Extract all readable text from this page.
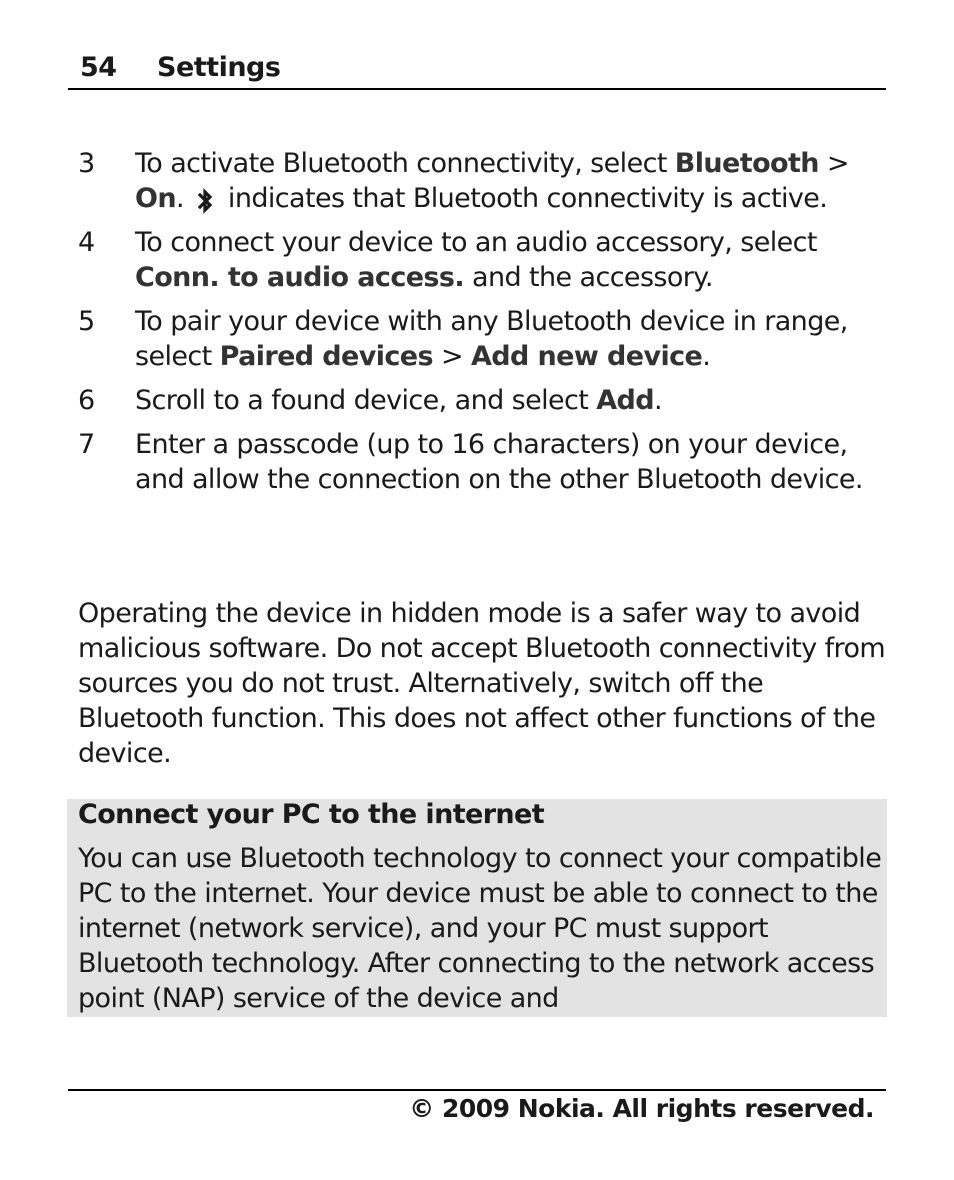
54 Settings
3 To activate Bluetooth connectivity, select Bluetooth > On.  indicates that Bluetooth connectivity is active.
4 To connect your device to an audio accessory, select Conn. to audio access. and the accessory.
5 To pair your device with any Bluetooth device in range, select Paired devices > Add new device.
6 Scroll to a found device, and select Add.
7 Enter a passcode (up to 16 characters) on your device, and allow the connection on the other Bluetooth device.
Operating the device in hidden mode is a safer way to avoid malicious software. Do not accept Bluetooth connectivity from sources you do not trust. Alternatively, switch off the Bluetooth function. This does not affect other functions of the device.
Connect your PC to the internet
You can use Bluetooth technology to connect your compatible PC to the internet. Your device must be able to connect to the internet (network service), and your PC must support Bluetooth technology. After connecting to the network access point (NAP) service of the device and
© 2009 Nokia. All rights reserved.
